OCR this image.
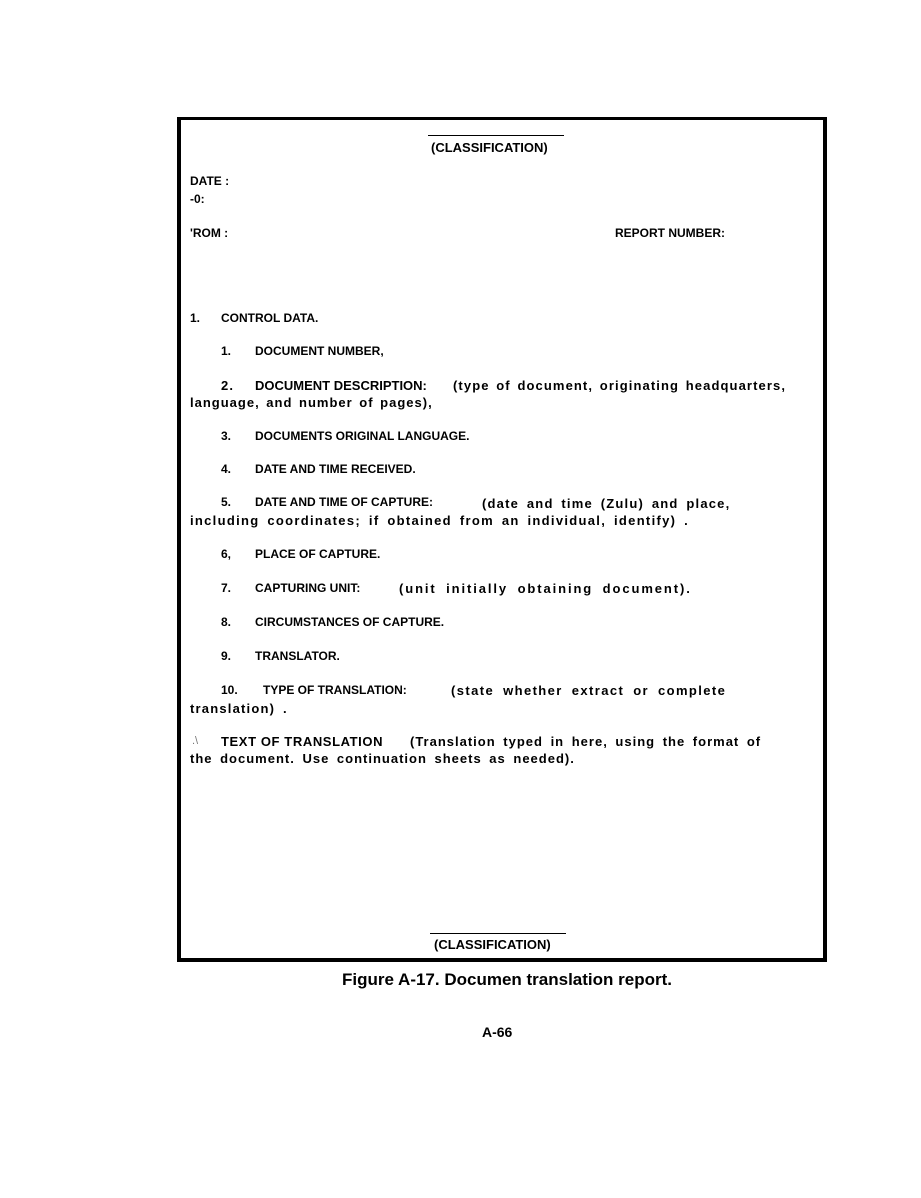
(CLASSIFICATION)
DATE :
-0:
'ROM :	REPORT NUMBER:
1. CONTROL DATA.
1. DOCUMENT NUMBER,
2. DOCUMENT DESCRIPTION: (type of document, originating headquarters,
language, and number of pages),
3. DOCUMENTS ORIGINAL LANGUAGE.
4. DATE AND TIME RECEIVED.
5. DATE AND TIME OF CAPTURE:	(date and time (Zulu) and place,
including coordinates; if obtained from an individual, identify) .
6, PLACE OF CAPTURE.
7. CAPTURING UNIT:	(unit initially obtaining document).
8. CIRCUMSTANCES OF CAPTURE.
9. TRANSLATOR.
10. TYPE OF TRANSLATION:	(state whether extract or complete
translation) .
.\ TEXT OF TRANSLATION (Translation typed in here, using the format of
the document. Use continuation sheets as needed).
(CLASSIFICATION)
Figure A-17. Documen translation report.
A-66
